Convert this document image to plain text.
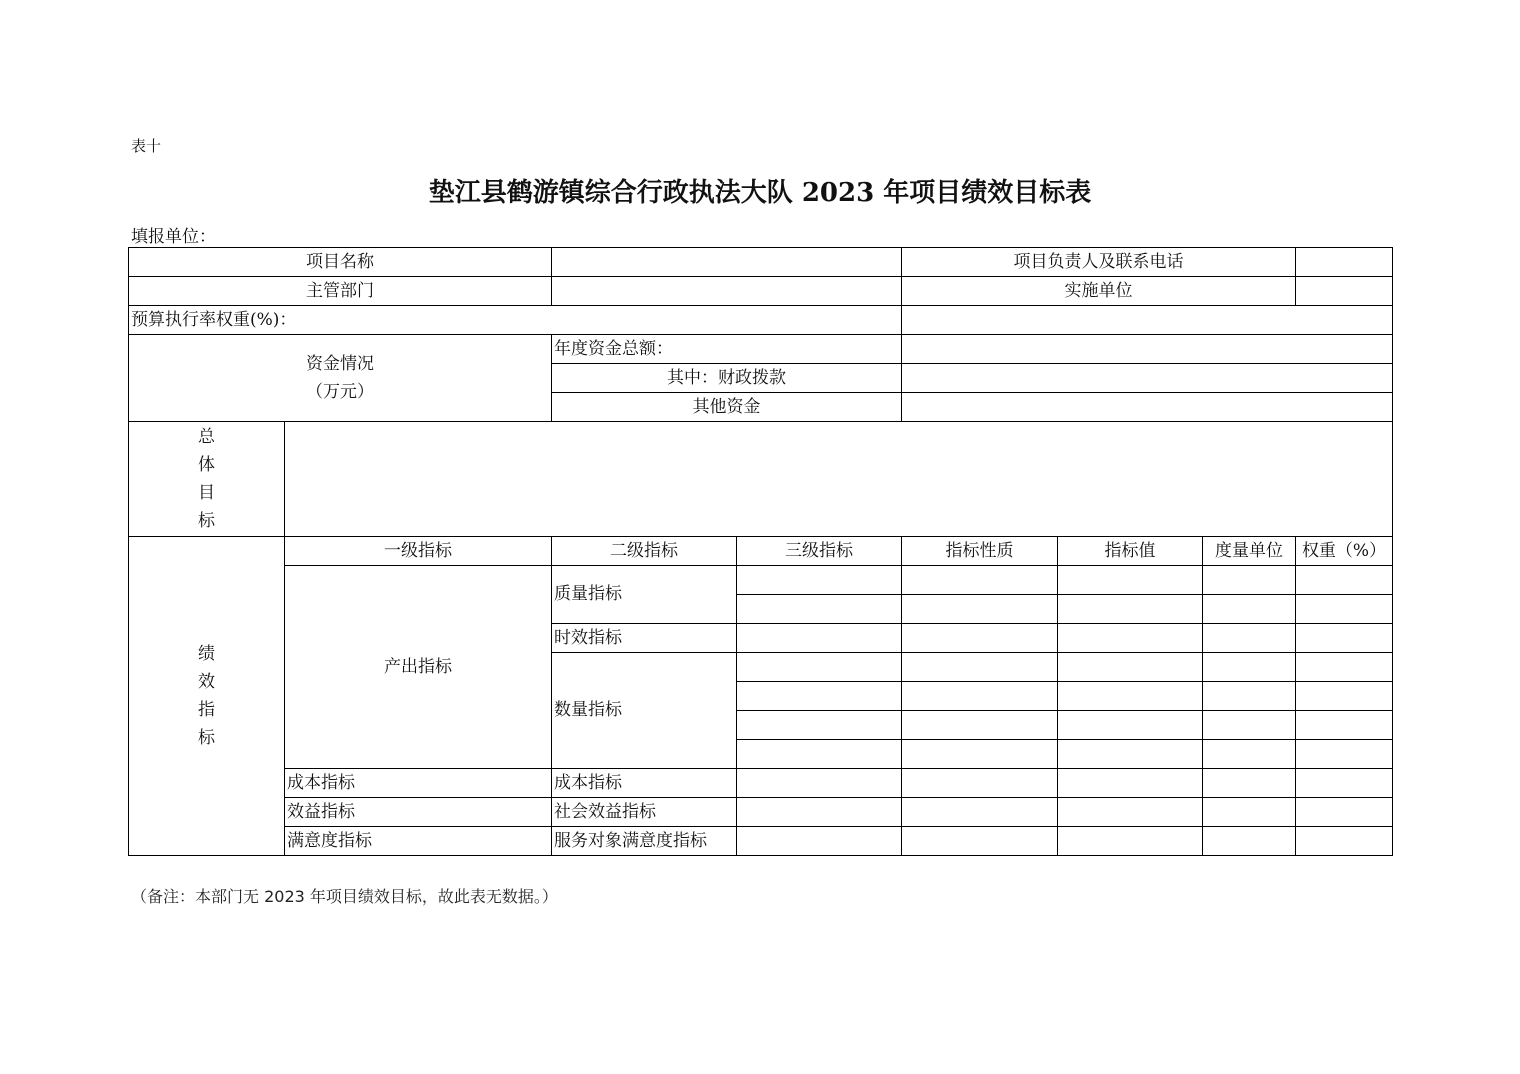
表十
垫江县鹤游镇综合行政执法大队 2023 年项目绩效目标表
填报单位：
项目名称				项目负责人及联系电话			
主管部门				实施单位			
预算执行率权重(%)：							
资金情况
（万元）		年度资金总额：					
		其中：财政拨款					
		其他资金					

总
体
目
标							

绩
效
指
标	一级指标	二级指标	三级指标	指标性质	指标值	度量单位	权重（%）
	产出指标	质量指标					

		时效指标					
		数量指标					

	成本指标	成本指标					
	效益指标	社会效益指标					
	满意度指标	服务对象满意度指标					
（备注：本部门无 2023 年项目绩效目标，故此表无数据。）
